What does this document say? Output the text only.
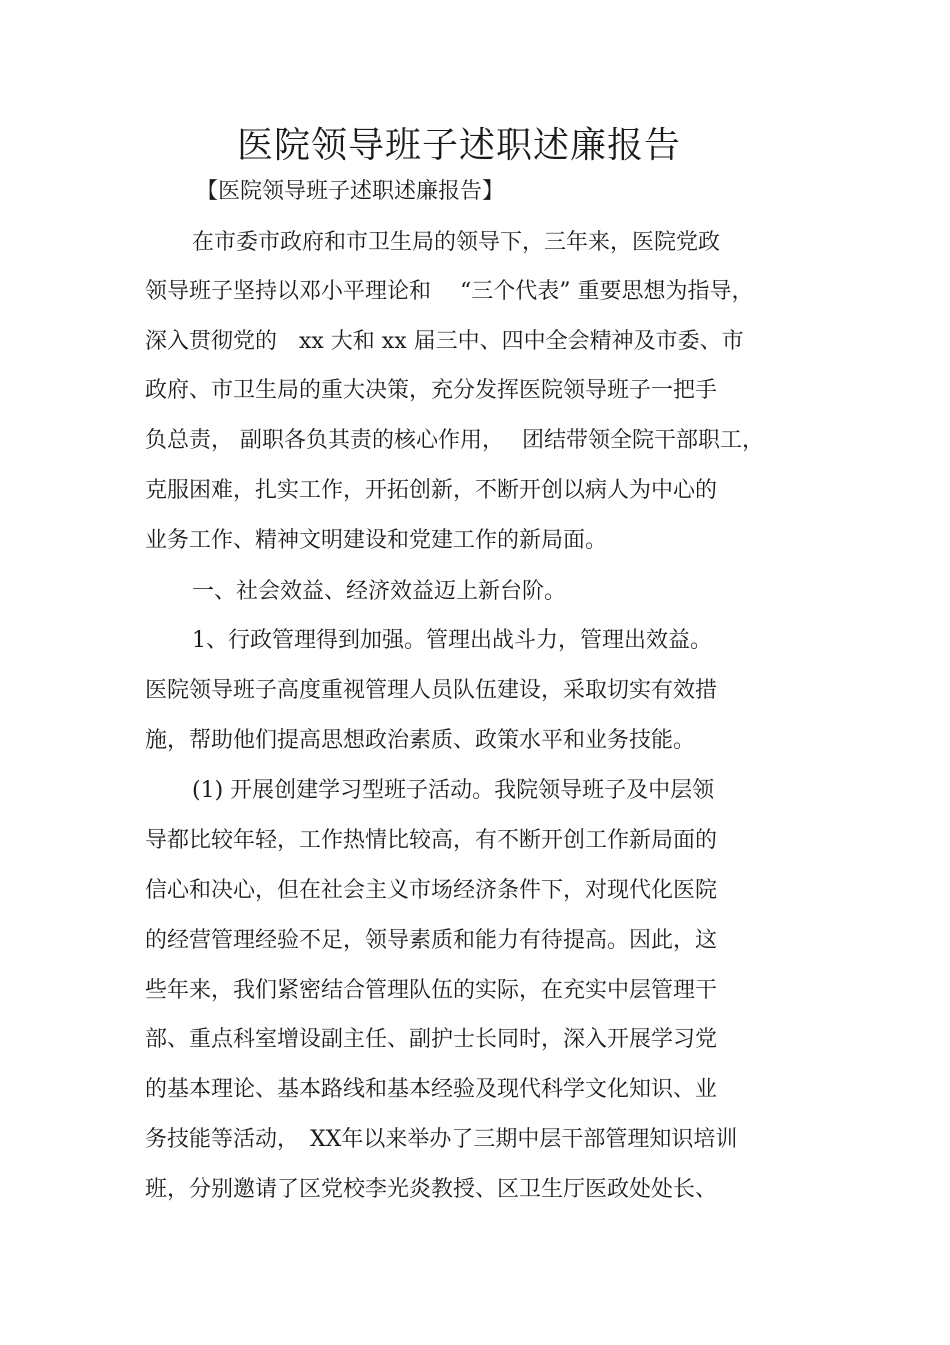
医院领导班子述职述廉报告
【医院领导班子述职述廉报告】
在市委市政府和市卫生局的领导下，三年来，医院党政
领导班子坚持以邓小平理论和　 “三个代表” 重要思想为指导，
深入贯彻党的　xx 大和 xx 届三中、四中全会精神及市委、市
政府、市卫生局的重大决策，充分发挥医院领导班子一把手
负总责， 副职各负其责的核心作用，　 团结带领全院干部职工，
克服困难，扎实工作，开拓创新，不断开创以病人为中心的
业务工作、精神文明建设和党建工作的新局面。
一、社会效益、经济效益迈上新台阶。
1、行政管理得到加强。管理出战斗力，管理出效益。
医院领导班子高度重视管理人员队伍建设，采取切实有效措
施，帮助他们提高思想政治素质、政策水平和业务技能。
(1) 开展创建学习型班子活动。我院领导班子及中层领
导都比较年轻，工作热情比较高，有不断开创工作新局面的
信心和决心，但在社会主义市场经济条件下，对现代化医院
的经营管理经验不足，领导素质和能力有待提高。因此，这
些年来，我们紧密结合管理队伍的实际，在充实中层管理干
部、重点科室增设副主任、副护士长同时，深入开展学习党
的基本理论、基本路线和基本经验及现代科学文化知识、业
务技能等活动，　XX年以来举办了三期中层干部管理知识培训
班，分别邀请了区党校李光炎教授、区卫生厅医政处处长、
